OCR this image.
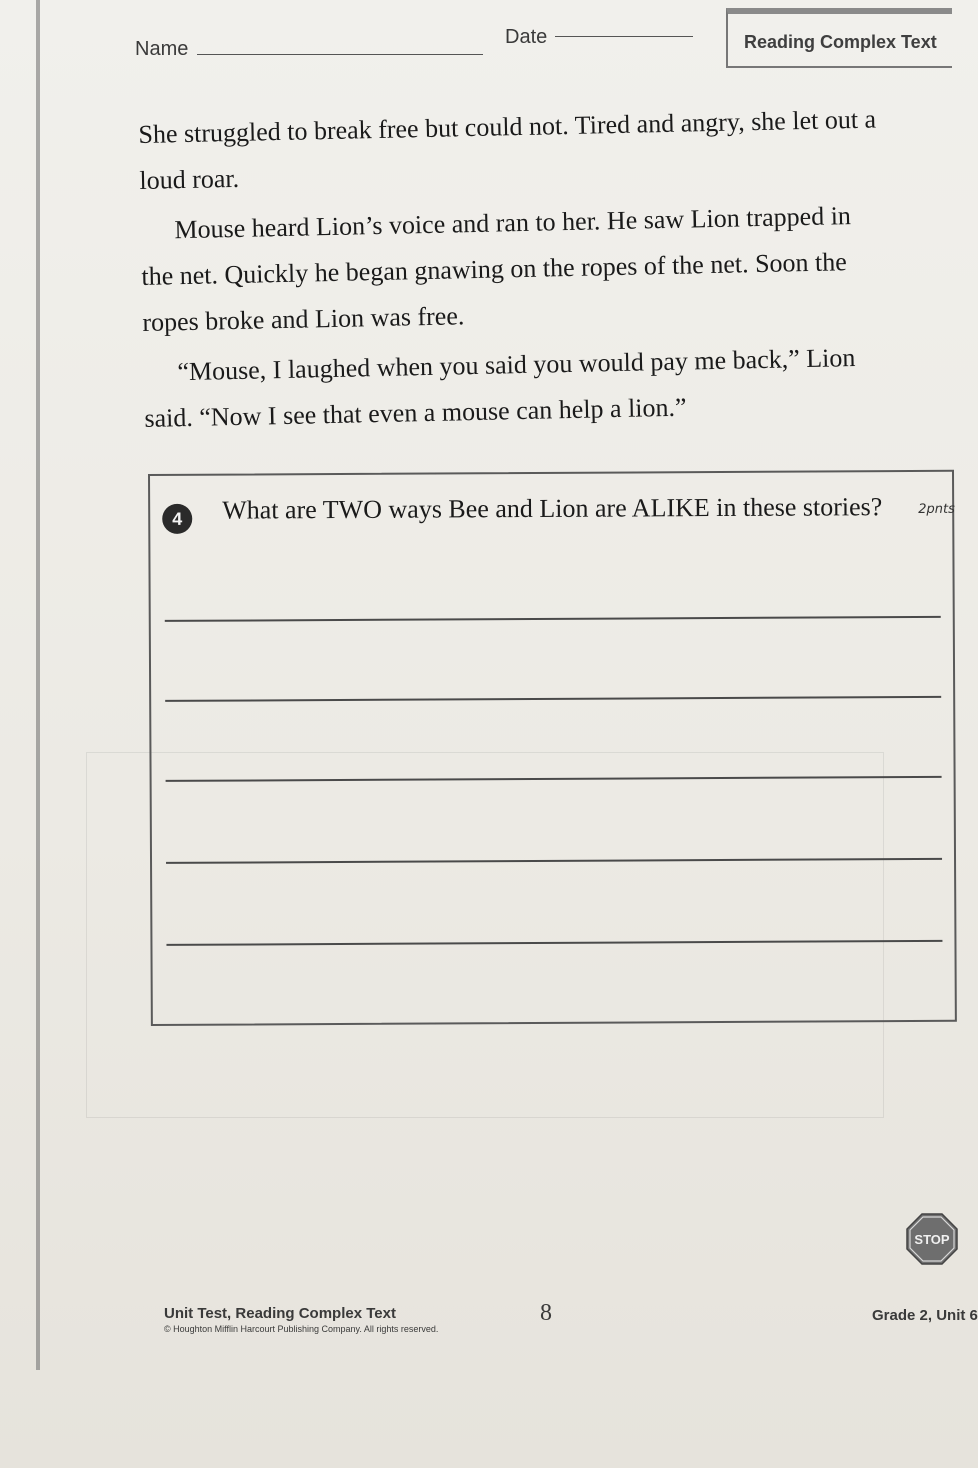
Name
Date	Reading Complex Text

She struggled to break free but could not. Tired and angry, she let out a loud roar.

Mouse heard Lion’s voice and ran to her. He saw Lion trapped in the net. Quickly he began gnawing on the ropes of the net. Soon the ropes broke and Lion was free.

“Mouse, I laughed when you said you would pay me back,” Lion said. “Now I see that even a mouse can help a lion.”

4	What are TWO ways Bee and Lion are ALIKE in these stories?	2pnts
STOP
Unit Test, Reading Complex Text
© Houghton Mifflin Harcourt Publishing Company. All rights reserved.
8	Grade 2, Unit 6
